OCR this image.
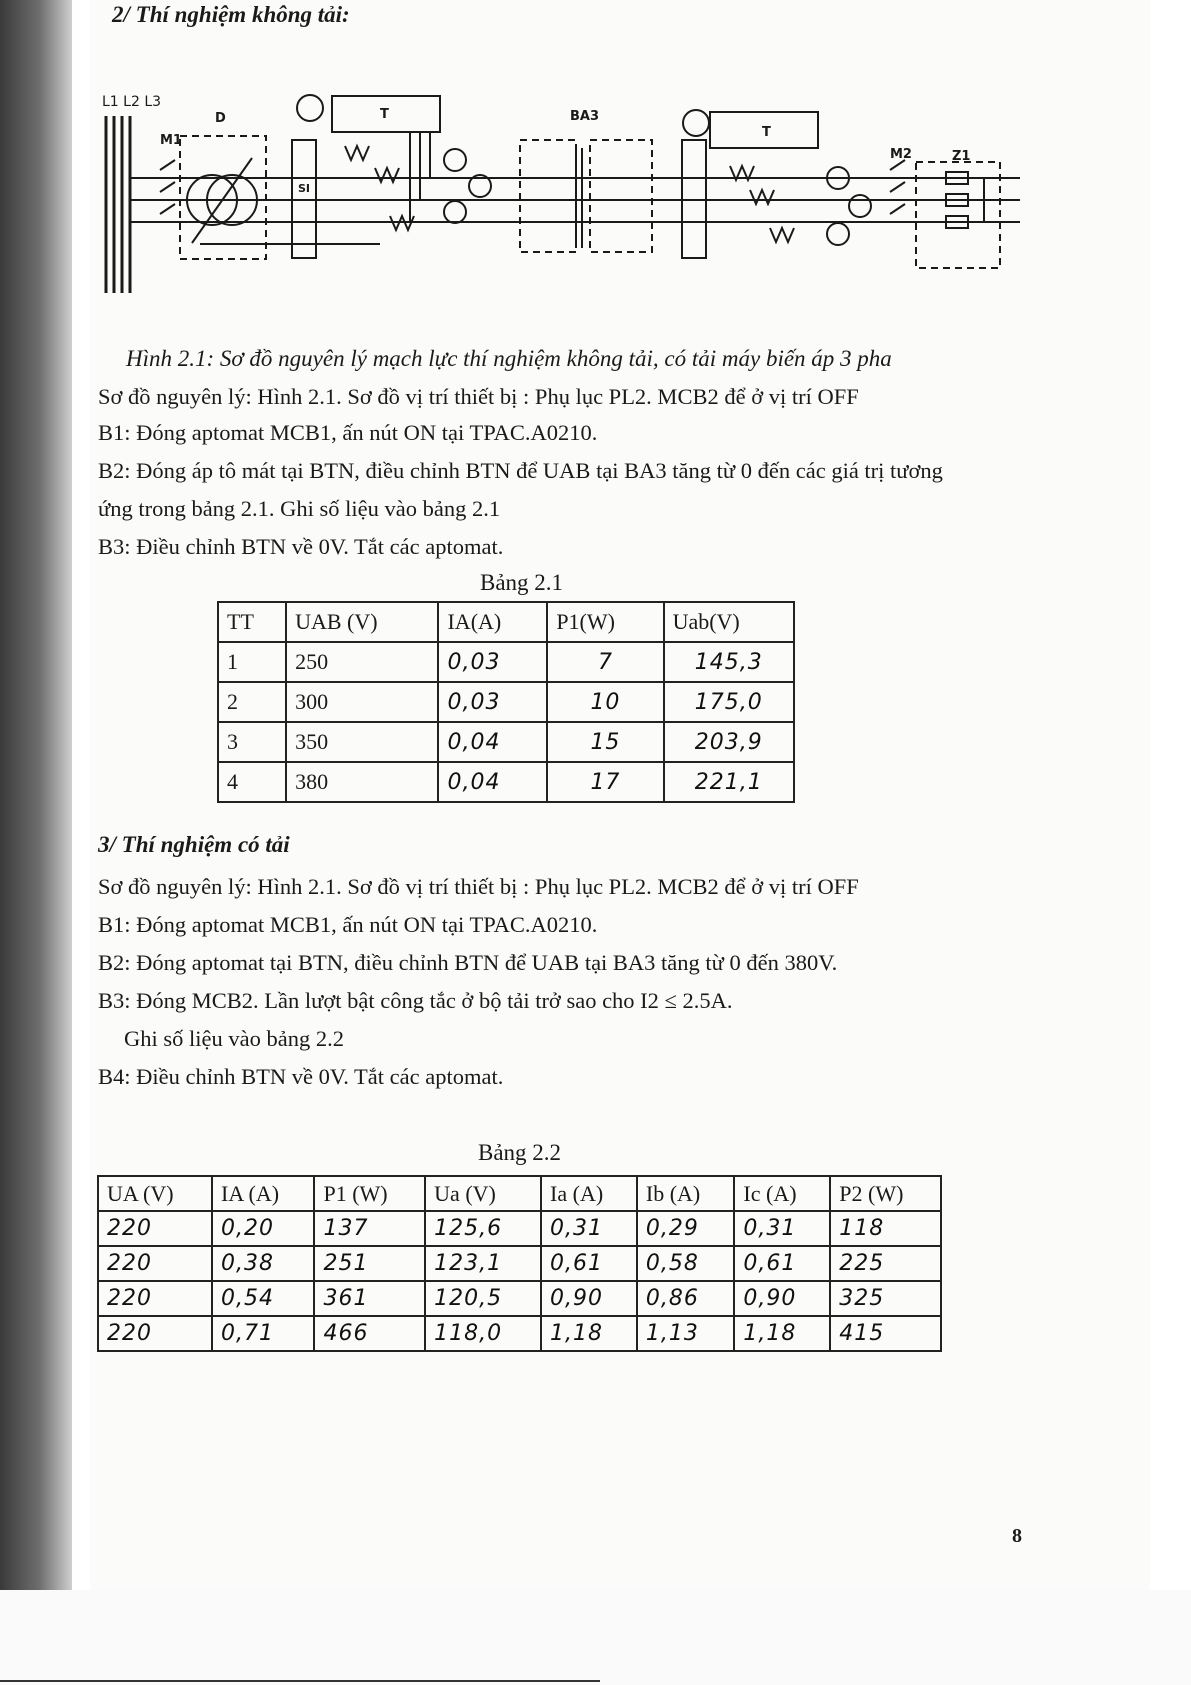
2/ Thí nghiệm không tải:
L1 L2 L3
M1
D	T
SI
BA3
T
M2	Z1
Hình 2.1: Sơ đồ nguyên lý mạch lực thí nghiệm không tải, có tải máy biến áp 3 pha
Sơ đồ nguyên lý: Hình 2.1. Sơ đồ vị trí thiết bị : Phụ lục PL2. MCB2 để ở vị trí OFF
B1: Đóng aptomat MCB1, ấn nút ON tại TPAC.A0210.
B2: Đóng áp tô mát tại BTN, điều chỉnh BTN để UAB tại BA3 tăng từ 0 đến các giá trị tương
ứng trong bảng 2.1. Ghi số liệu vào bảng 2.1
B3: Điều chỉnh BTN về 0V. Tắt các aptomat.
Bảng 2.1
TT	UAB (V)	IA(A)	P1(W)	Uab(V)
1	250	0,03	7	145,3
2	300	0,03	10	175,0
3	350	0,04	15	203,9
4	380	0,04	17	221,1
3/ Thí nghiệm có tải
Sơ đồ nguyên lý: Hình 2.1. Sơ đồ vị trí thiết bị : Phụ lục PL2. MCB2 để ở vị trí OFF
B1: Đóng aptomat MCB1, ấn nút ON tại TPAC.A0210.
B2: Đóng aptomat tại BTN, điều chỉnh BTN để UAB tại BA3 tăng từ 0 đến 380V.
B3: Đóng MCB2. Lần lượt bật công tắc ở bộ tải trở sao cho I2 ≤ 2.5A.
Ghi số liệu vào bảng 2.2
B4: Điều chỉnh BTN về 0V. Tắt các aptomat.
Bảng 2.2
UA (V)	IA (A)	P1 (W)	Ua (V)	Ia (A)	Ib (A)	Ic (A)	P2 (W)
220	0,20	137	125,6	0,31	0,29	0,31	118
220	0,38	251	123,1	0,61	0,58	0,61	225
220	0,54	361	120,5	0,90	0,86	0,90	325
220	0,71	466	118,0	1,18	1,13	1,18	415
8
